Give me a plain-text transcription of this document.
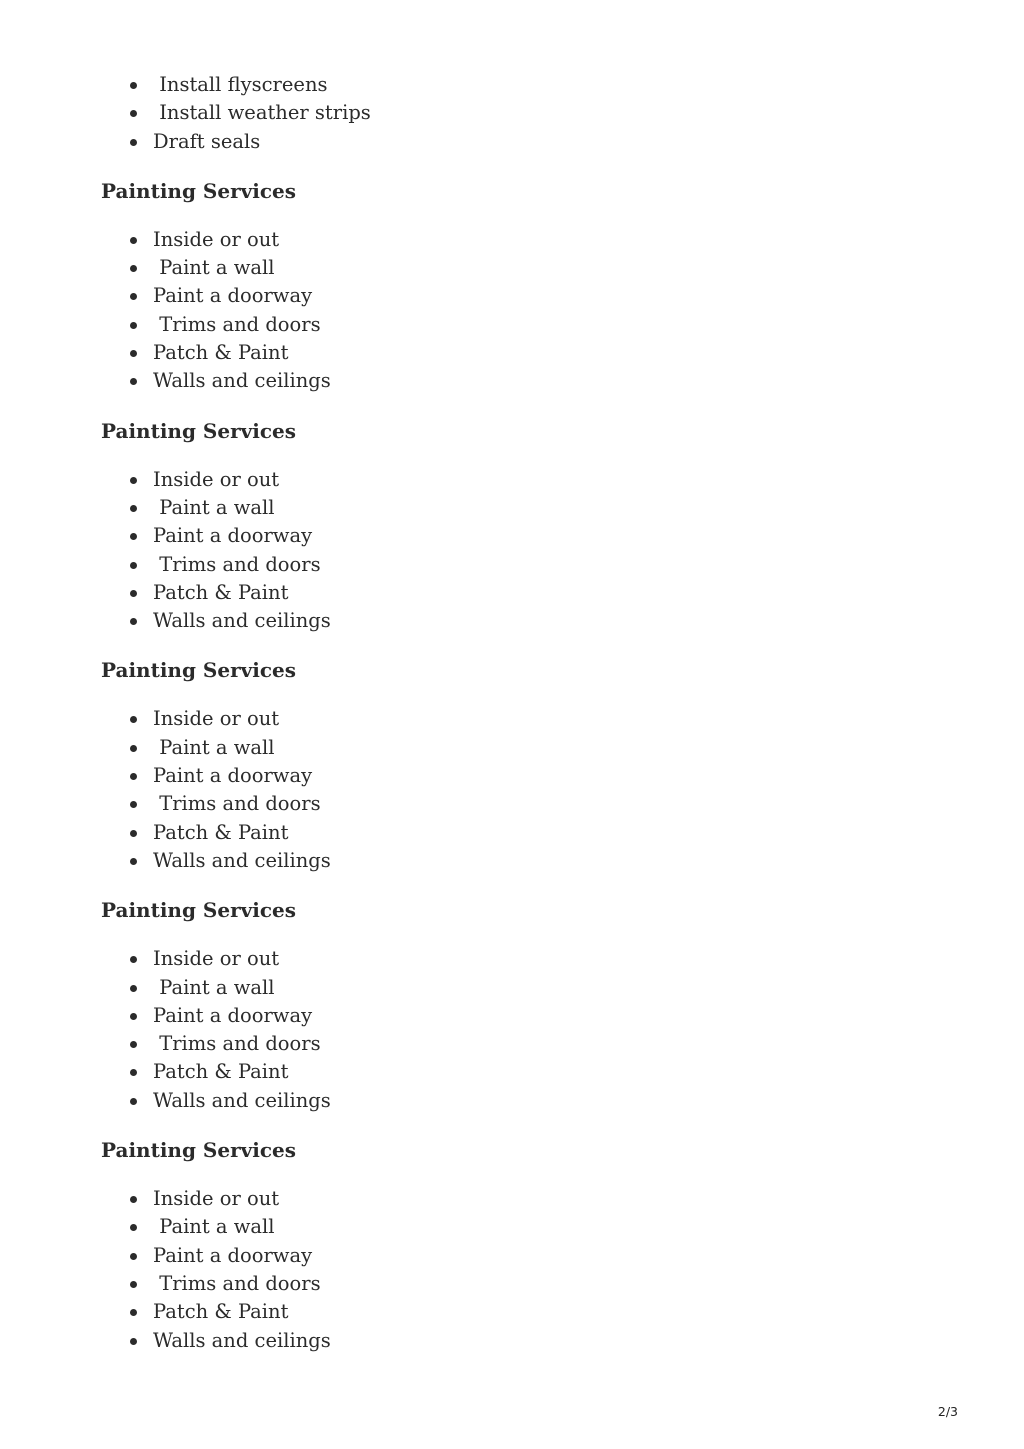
Install flyscreens
Install weather strips
Draft seals
Painting Services
Inside or out
Paint a wall
Paint a doorway
Trims and doors
Patch & Paint
Walls and ceilings
Painting Services
Inside or out
Paint a wall
Paint a doorway
Trims and doors
Patch & Paint
Walls and ceilings
Painting Services
Inside or out
Paint a wall
Paint a doorway
Trims and doors
Patch & Paint
Walls and ceilings
Painting Services
Inside or out
Paint a wall
Paint a doorway
Trims and doors
Patch & Paint
Walls and ceilings
Painting Services
Inside or out
Paint a wall
Paint a doorway
Trims and doors
Patch & Paint
Walls and ceilings
2/3
